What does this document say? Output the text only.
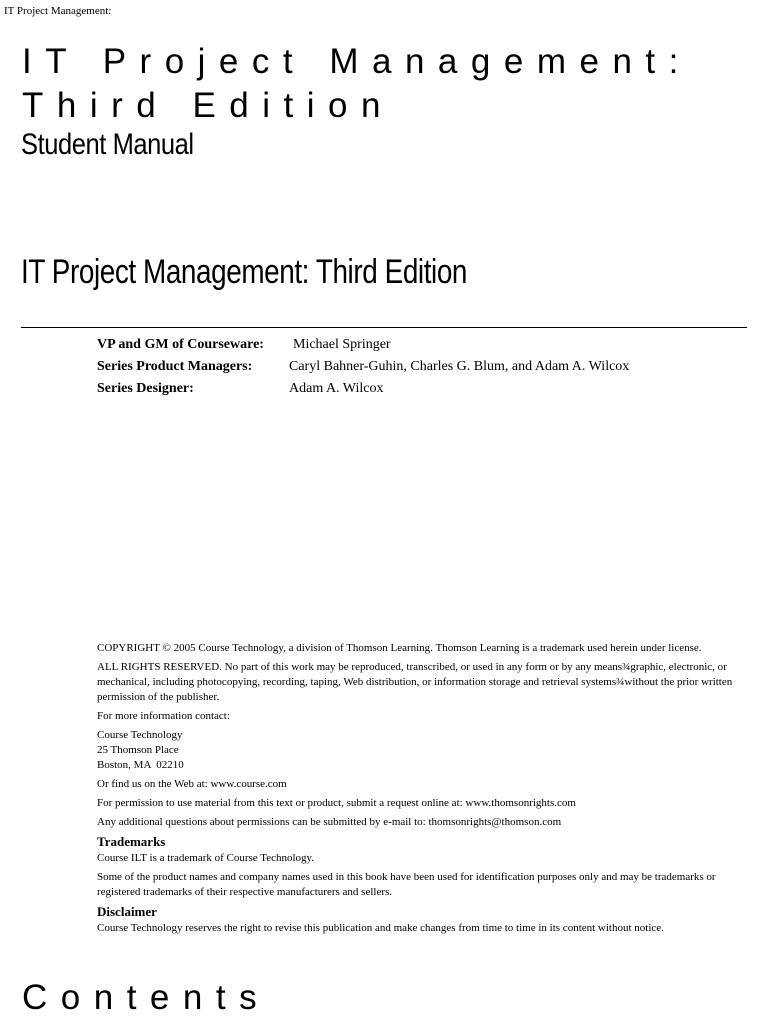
IT Project Management:
IT Project Management:
Third Edition
Student Manual
IT Project Management: Third Edition
VP and GM of Courseware:	Michael Springer
Series Product Managers:	Caryl Bahner-Guhin, Charles G. Blum, and Adam A. Wilcox
Series Designer:	Adam A. Wilcox

COPYRIGHT © 2005 Course Technology, a division of Thomson Learning. Thomson Learning is a trademark used herein under license.

ALL RIGHTS RESERVED. No part of this work may be reproduced, transcribed, or used in any form or by any means¾graphic, electronic, or mechanical, including photocopying, recording, taping, Web distribution, or information storage and retrieval systems¾without the prior written permission of the publisher.

For more information contact:

Course Technology
25 Thomson Place
Boston, MA  02210

Or find us on the Web at: www.course.com

For permission to use material from this text or product, submit a request online at: www.thomsonrights.com

Any additional questions about permissions can be submitted by e-mail to: thomsonrights@thomson.com

Trademarks

Course ILT is a trademark of Course Technology.

Some of the product names and company names used in this book have been used for identification purposes only and may be trademarks or registered trademarks of their respective manufacturers and sellers.

Disclaimer

Course Technology reserves the right to revise this publication and make changes from time to time in its content without notice.

Contents
